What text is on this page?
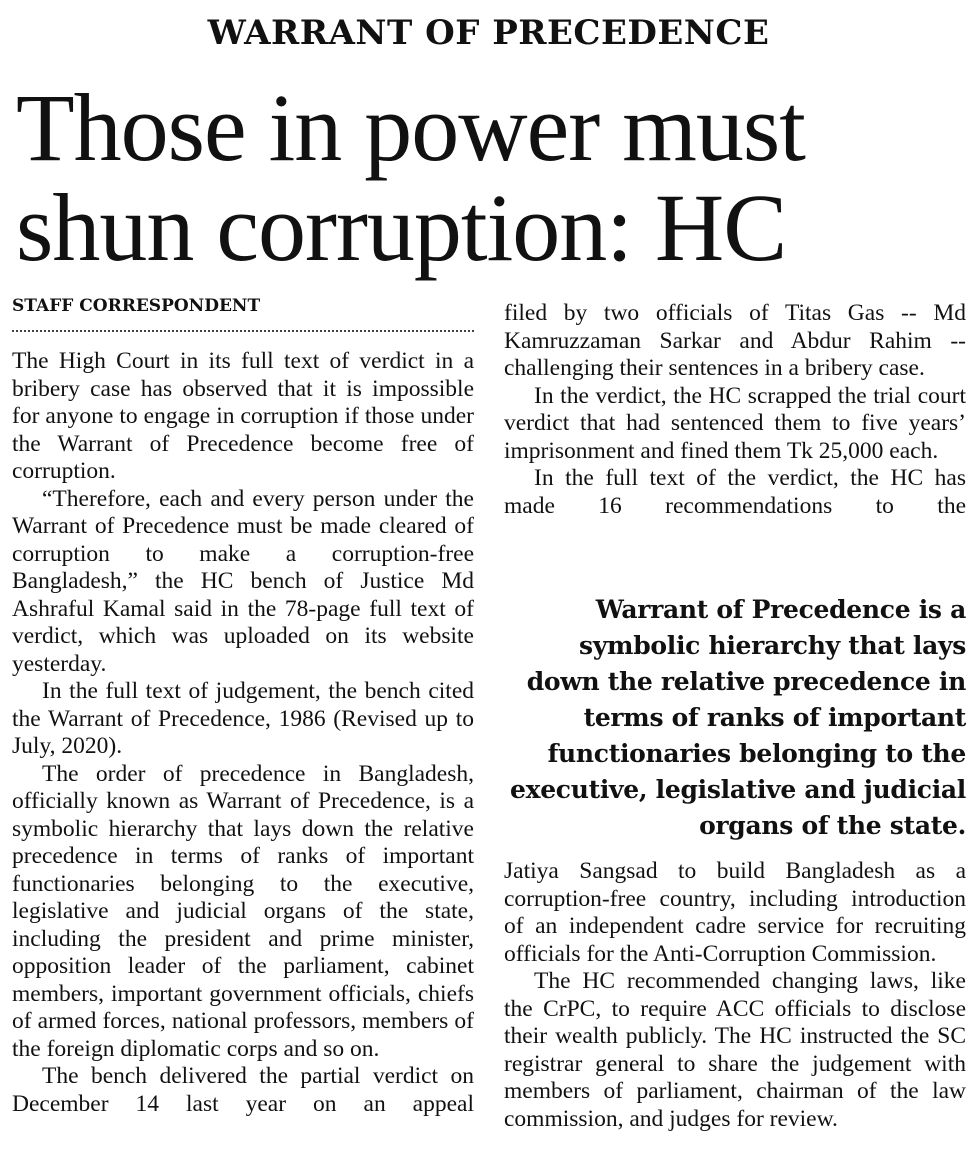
WARRANT OF PRECEDENCE
Those in power must
shun corruption: HC
STAFF CORRESPONDENT

The High Court in its full text of verdict in a bribery case has observed that it is impossible for anyone to engage in corruption if those under the Warrant of Precedence become free of corruption.

“Therefore, each and every person under the Warrant of Precedence must be made cleared of corruption to make a corruption-free Bangladesh,” the HC bench of Justice Md Ashraful Kamal said in the 78-page full text of verdict, which was uploaded on its website yesterday.

In the full text of judgement, the bench cited the Warrant of Precedence, 1986 (Revised up to July, 2020).

The order of precedence in Bangladesh, officially known as Warrant of Precedence, is a symbolic hierarchy that lays down the relative precedence in terms of ranks of important functionaries belonging to the executive, legislative and judicial organs of the state, including the president and prime minister, opposition leader of the parliament, cabinet members, important government officials, chiefs of armed forces, national professors, members of the foreign diplomatic corps and so on.

The bench delivered the partial verdict on December 14 last year on an appeal

filed by two officials of Titas Gas -- Md Kamruzzaman Sarkar and Abdur Rahim -- challenging their sentences in a bribery case.

In the verdict, the HC scrapped the trial court verdict that had sentenced them to five years’ imprisonment and fined them Tk 25,000 each.

In the full text of the verdict, the HC has made 16 recommendations to the

Warrant of Precedence is a symbolic hierarchy that lays down the relative precedence in terms of ranks of important functionaries belonging to the executive, legislative and judicial organs of the state.

Jatiya Sangsad to build Bangladesh as a corruption-free country, including introduction of an independent cadre service for recruiting officials for the Anti-Corruption Commission.

The HC recommended changing laws, like the CrPC, to require ACC officials to disclose their wealth publicly. The HC instructed the SC registrar general to share the judgement with members of parliament, chairman of the law commission, and judges for review.
